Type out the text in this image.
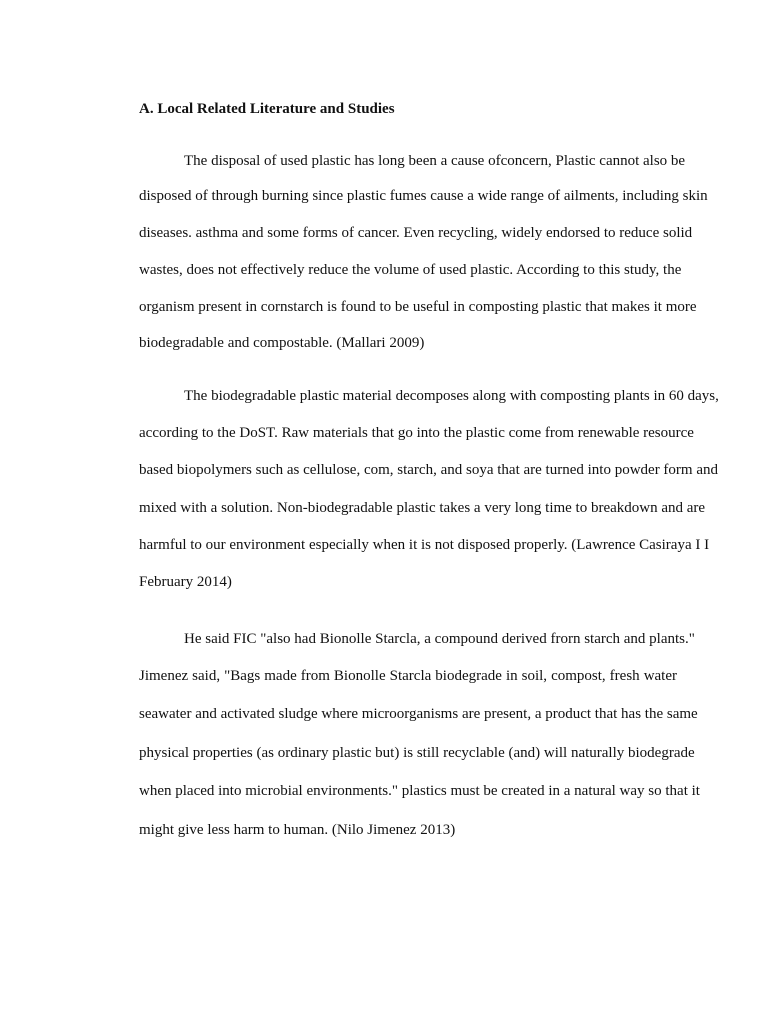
A. Local Related Literature and Studies
The disposal of used plastic has long been a cause ofconcern, Plastic cannot also be
disposed of through burning since plastic fumes cause a wide range of ailments, including skin
diseases. asthma and some forms of cancer. Even recycling, widely endorsed to reduce solid
wastes, does not effectively reduce the volume of used plastic. According to this study, the
organism present in cornstarch is found to be useful in composting plastic that makes it more
biodegradable and compostable. (Mallari 2009)
The biodegradable plastic material decomposes along with composting plants in 60 days,
according to the DoST. Raw materials that go into the plastic come from renewable resource
based biopolymers such as cellulose, com, starch, and soya that are turned into powder form and
mixed with a solution. Non-biodegradable plastic takes a very long time to breakdown and are
harmful to our environment especially when it is not disposed properly. (Lawrence Casiraya I I
February 2014)
He said FIC "also had Bionolle Starcla, a compound derived frorn starch and plants."
Jimenez said, "Bags made from Bionolle Starcla biodegrade in soil, compost, fresh water
seawater and activated sludge where microorganisms are present, a product that has the same
physical properties (as ordinary plastic but) is still recyclable (and) will naturally biodegrade
when placed into microbial environments." plastics must be created in a natural way so that it
might give less harm to human. (Nilo Jimenez 2013)
